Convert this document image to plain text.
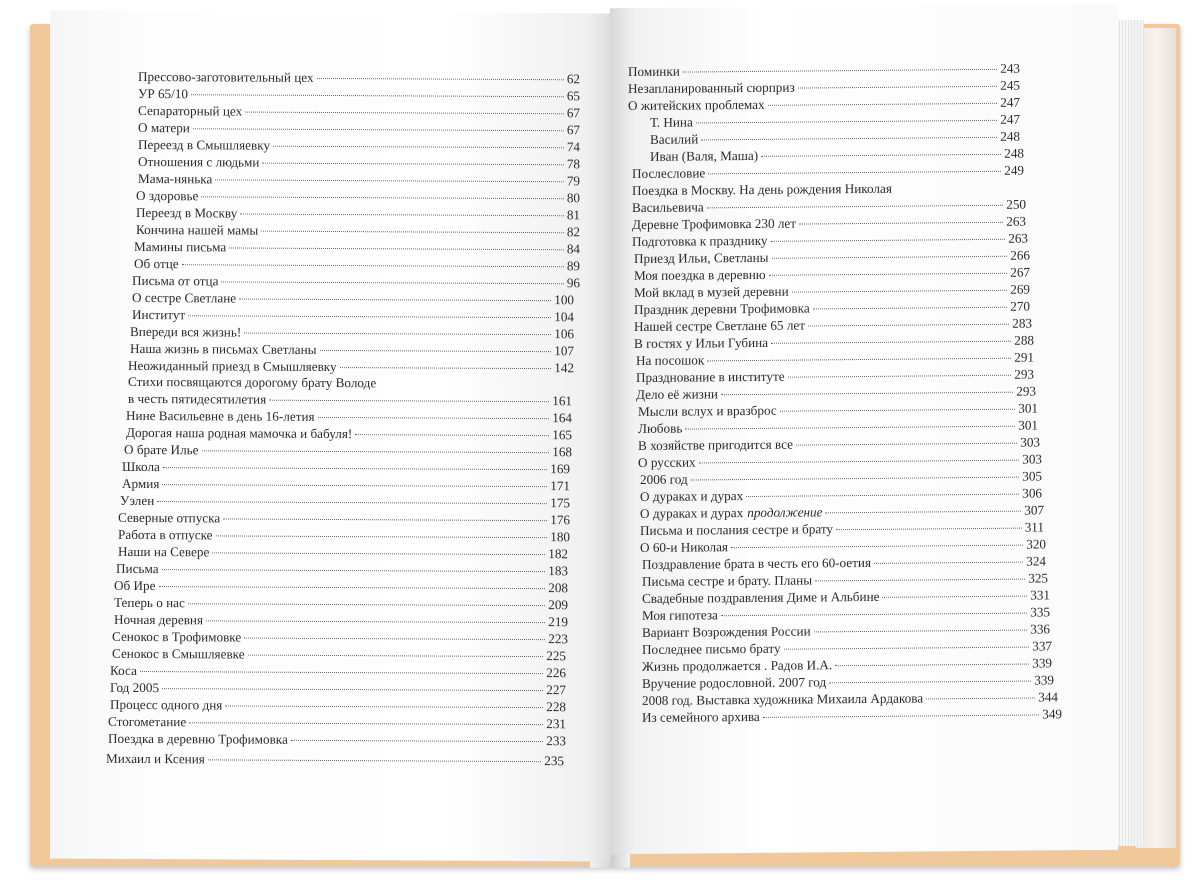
Прессово-заготовительный цех	62
УР 65/10	65
Сепараторный цех	67
О матери	67
Переезд в Смышляевку	74
Отношения с людьми	78
Мама-нянька	79
О здоровье	80
Переезд в Москву	81
Кончина нашей мамы	82
Мамины письма	84
Об отце	89
Письма от отца	96
О сестре Светлане	100
Институт	104
Впереди вся жизнь!	106
Наша жизнь в письмах Светланы	107
Неожиданный приезд в Смышляевку	142
Стихи посвящаются дорогому брату Володе
в честь пятидесятилетия	161
Нине Васильевне в день 16-летия	164
Дорогая наша родная мамочка и бабуля!	165
О брате Илье	168
Школа	169
Армия	171
Уэлен	175
Северные отпуска	176
Работа в отпуске	180
Наши на Севере	182
Письма	183
Об Ире	208
Теперь о нас	209
Ночная деревня	219
Сенокос в Трофимовке	223
Сенокос в Смышляевке	225
Коса	226
Год 2005	227
Процесс одного дня	228
Стогометание	231
Поездка в деревню Трофимовка	233
Михаил и Ксения	235
Поминки	243
Незапланированный сюрприз	245
О житейских проблемах	247
Т. Нина	247
Василий	248
Иван (Валя, Маша)	248
Послесловие	249
Поездка в Москву. На день рождения Николая
Васильевича	250
Деревне Трофимовка 230 лет	263
Подготовка к празднику	263
Приезд Ильи, Светланы	266
Моя поездка в деревню	267
Мой вклад в музей деревни	269
Праздник деревни Трофимовка	270
Нашей сестре Светлане 65 лет	283
В гостях у Ильи Губина	288
На посошок	291
Празднование в институте	293
Дело её жизни	293
Мысли вслух и вразброс	301
Любовь	301
В хозяйстве пригодится все	303
О русских	303
2006 год	305
О дураках и дурах	306
О дураках и дурах продолжение	307
Письма и послания сестре и брату	311
О 60-и Николая	320
Поздравление брата в честь его 60-оетия	324
Письма сестре и брату. Планы	325
Свадебные поздравления Диме и Альбине	331
Моя гипотеза	335
Вариант Возрождения России	336
Последнее письмо брату	337
Жизнь продолжается . Радов И.А.	339
Вручение родословной. 2007 год	339
2008 год. Выставка художника Михаила Ардакова	344
Из семейного архива	349
